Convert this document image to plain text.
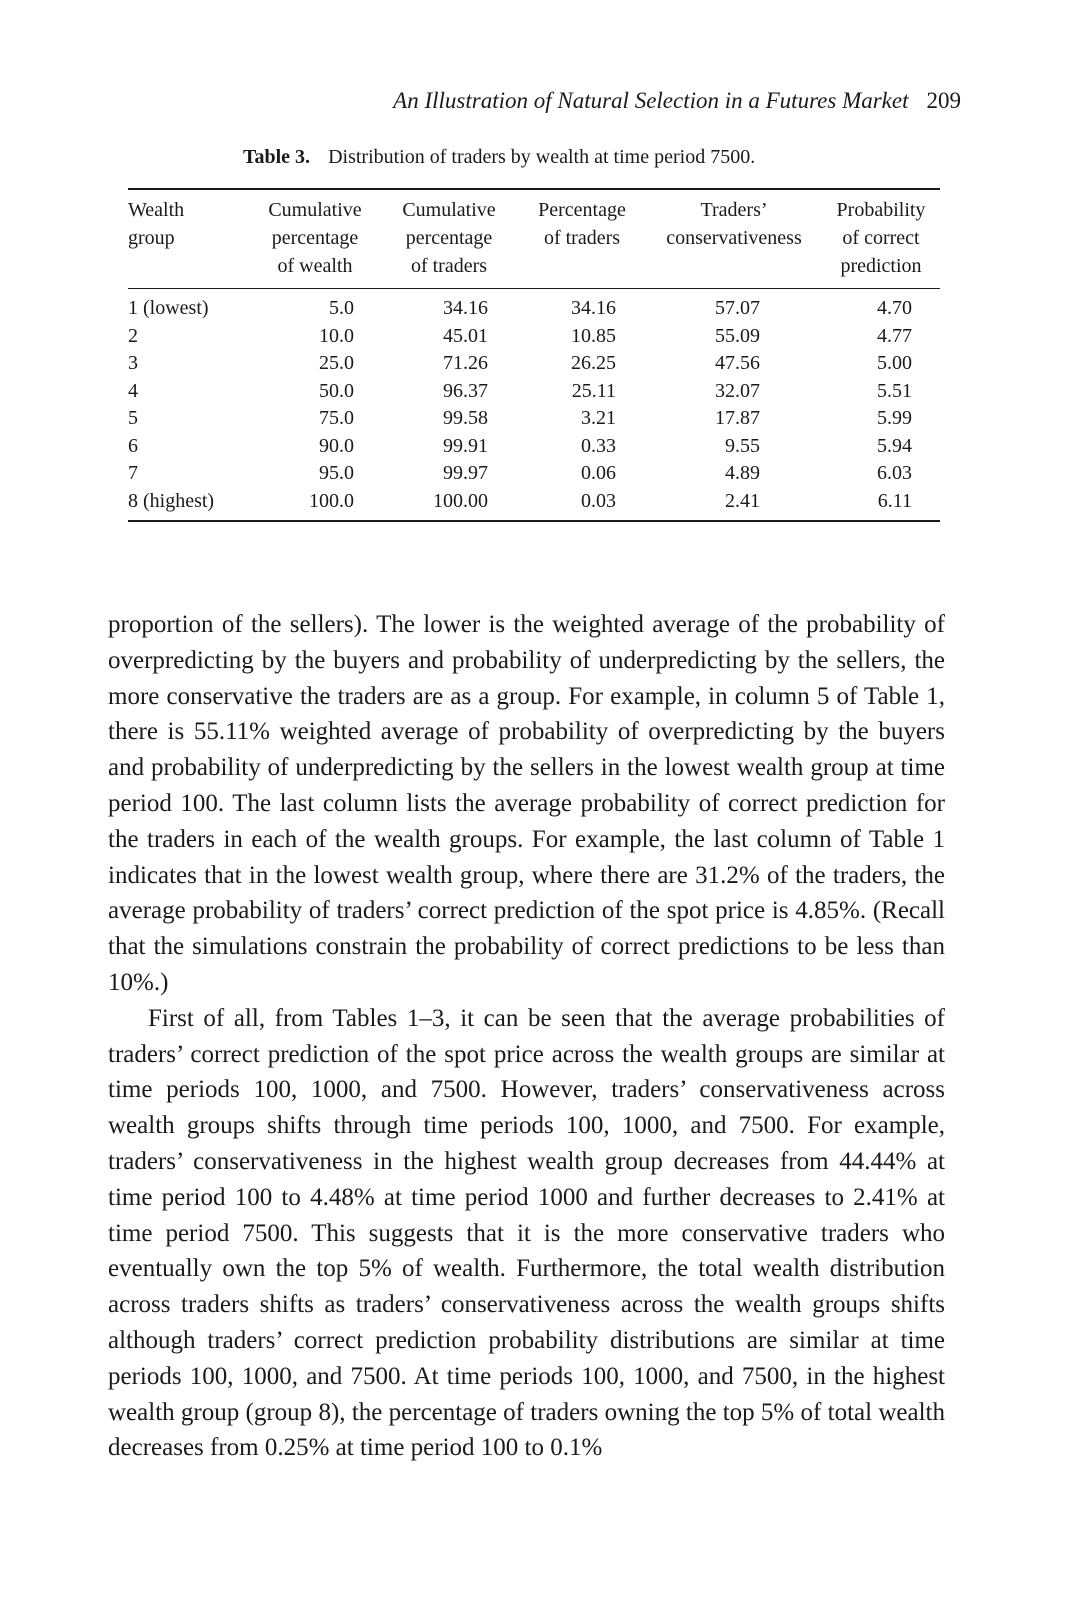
An Illustration of Natural Selection in a Futures Market 209
Table 3. Distribution of traders by wealth at time period 7500.
Wealth
group	Cumulative
percentage
of wealth	Cumulative
percentage
of traders	Percentage
of traders	Traders’
conservativeness	Probability
of correct
prediction
1 (lowest)	5.0	34.16	34.16	57.07	4.70
2	10.0	45.01	10.85	55.09	4.77
3	25.0	71.26	26.25	47.56	5.00
4	50.0	96.37	25.11	32.07	5.51
5	75.0	99.58	3.21	17.87	5.99
6	90.0	99.91	0.33	9.55	5.94
7	95.0	99.97	0.06	4.89	6.03
8 (highest)	100.0	100.00	0.03	2.41	6.11

proportion of the sellers). The lower is the weighted average of the probability of overpredicting by the buyers and probability of underpredicting by the sellers, the more conservative the traders are as a group. For example, in column 5 of Table 1, there is 55.11% weighted average of probability of overpredicting by the buyers and probability of underpredicting by the sellers in the lowest wealth group at time period 100. The last column lists the average probability of correct prediction for the traders in each of the wealth groups. For example, the last column of Table 1 indicates that in the lowest wealth group, where there are 31.2% of the traders, the average probability of traders’ correct prediction of the spot price is 4.85%. (Recall that the simulations constrain the probability of correct predictions to be less than 10%.)

First of all, from Tables 1–3, it can be seen that the average probabilities of traders’ correct prediction of the spot price across the wealth groups are similar at time periods 100, 1000, and 7500. However, traders’ conservativeness across wealth groups shifts through time periods 100, 1000, and 7500. For example, traders’ conservativeness in the highest wealth group decreases from 44.44% at time period 100 to 4.48% at time period 1000 and further decreases to 2.41% at time period 7500. This suggests that it is the more conservative traders who eventually own the top 5% of wealth. Furthermore, the total wealth distribution across traders shifts as traders’ conservativeness across the wealth groups shifts although traders’ correct prediction probability distributions are similar at time periods 100, 1000, and 7500. At time periods 100, 1000, and 7500, in the highest wealth group (group 8), the percentage of traders owning the top 5% of total wealth decreases from 0.25% at time period 100 to 0.1%
